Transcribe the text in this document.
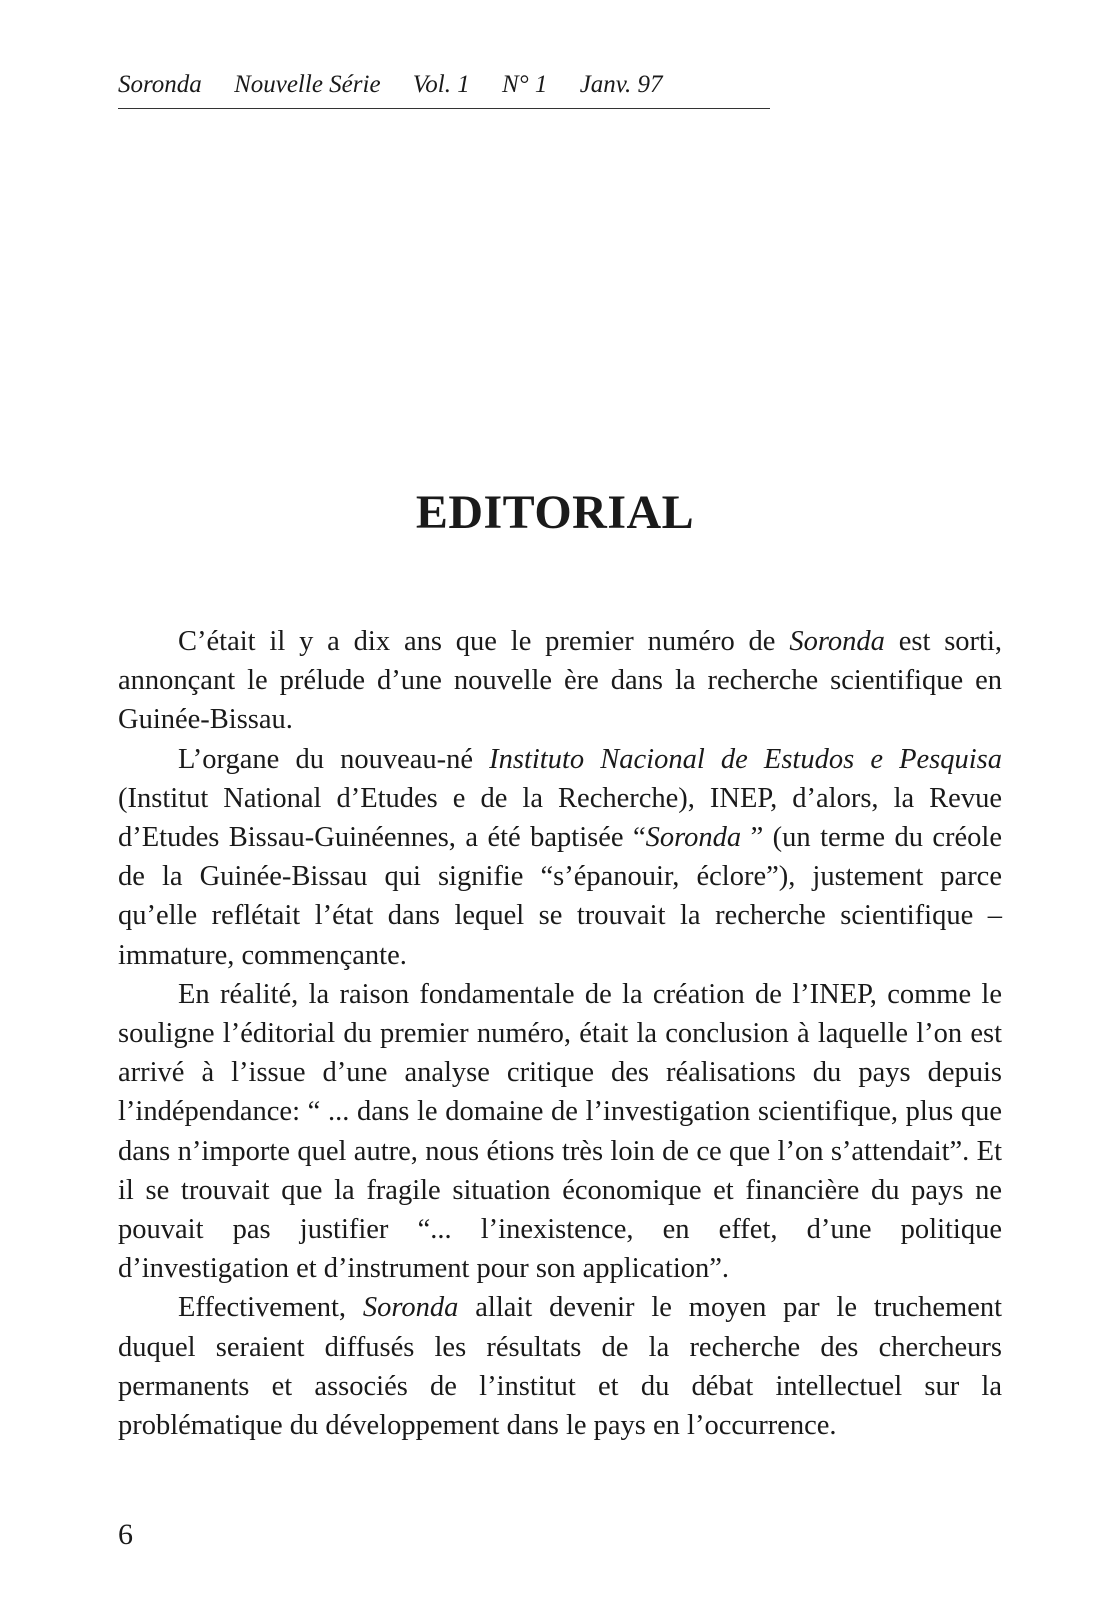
Soronda Nouvelle Série Vol. 1 N° 1 Janv. 97
EDITORIAL

C’était il y a dix ans que le premier numéro de Soronda est sorti, annonçant le prélude d’une nouvelle ère dans la recherche scientifique en Guinée-Bissau.

L’organe du nouveau-né Instituto Nacional de Estudos e Pesquisa (Institut National d’Etudes e de la Recherche), INEP, d’alors, la Revue d’Etudes Bissau-Guinéennes, a été baptisée “Soronda ” (un terme du créole de la Guinée-Bissau qui signifie “s’épanouir, éclore”), justement parce qu’elle reflétait l’état dans lequel se trouvait la recherche scientifique – immature, commençante.

En réalité, la raison fondamentale de la création de l’INEP, comme le souligne l’éditorial du premier numéro, était la conclusion à laquelle l’on est arrivé à l’issue d’une analyse critique des réalisations du pays depuis l’indépendance: “ ... dans le domaine de l’investigation scientifique, plus que dans n’importe quel autre, nous étions très loin de ce que l’on s’attendait”. Et il se trouvait que la fragile situation économique et financière du pays ne pouvait pas justifier “... l’inexistence, en effet, d’une politique d’investigation et d’instrument pour son application”.

Effectivement, Soronda allait devenir le moyen par le truchement duquel seraient diffusés les résultats de la recherche des chercheurs permanents et associés de l’institut et du débat intellectuel sur la problématique du développement dans le pays en l’occurrence.

6
